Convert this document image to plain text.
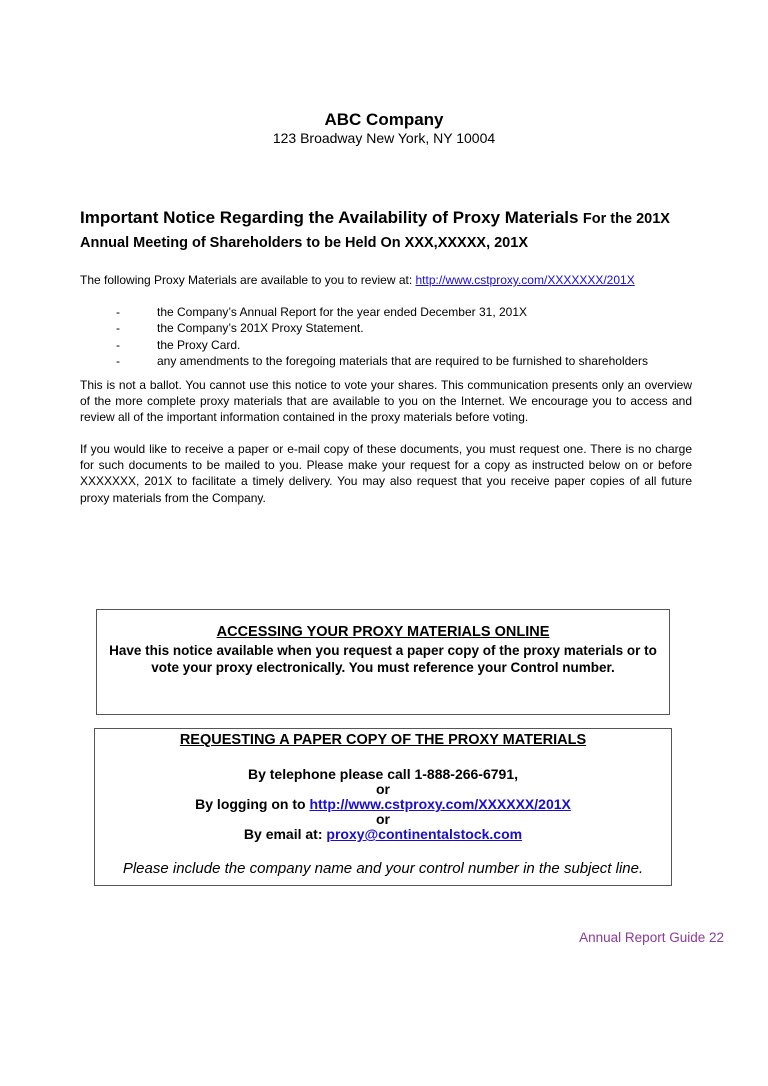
ABC Company
123 Broadway New York, NY 10004
Important Notice Regarding the Availability of Proxy Materials For the 201X
Annual Meeting of Shareholders to be Held On XXX,XXXXX, 201X
The following Proxy Materials are available to you to review at: http://www.cstproxy.com/XXXXXXX/201X
-	the Company’s Annual Report for the year ended December 31, 201X
-	the Company’s 201X Proxy Statement.
-	the Proxy Card.
-	any amendments to the foregoing materials that are required to be furnished to shareholders

This is not a ballot. You cannot use this notice to vote your shares. This communication presents only an overview of the more complete proxy materials that are available to you on the Internet. We encourage you to access and review all of the important information contained in the proxy materials before voting.

If you would like to receive a paper or e-mail copy of these documents, you must request one. There is no charge for such documents to be mailed to you. Please make your request for a copy as instructed below on or before XXXXXXX, 201X to facilitate a timely delivery. You may also request that you receive paper copies of all future proxy materials from the Company.

ACCESSING YOUR PROXY MATERIALS ONLINE
Have this notice available when you request a paper copy of the proxy materials or to vote your proxy electronically. You must reference your Control number.
REQUESTING A PAPER COPY OF THE PROXY MATERIALS
By telephone please call 1-888-266-6791,
or
By logging on to http://www.cstproxy.com/XXXXXX/201X
or
By email at: proxy@continentalstock.com
Please include the company name and your control number in the subject line.
Annual Report Guide 22
